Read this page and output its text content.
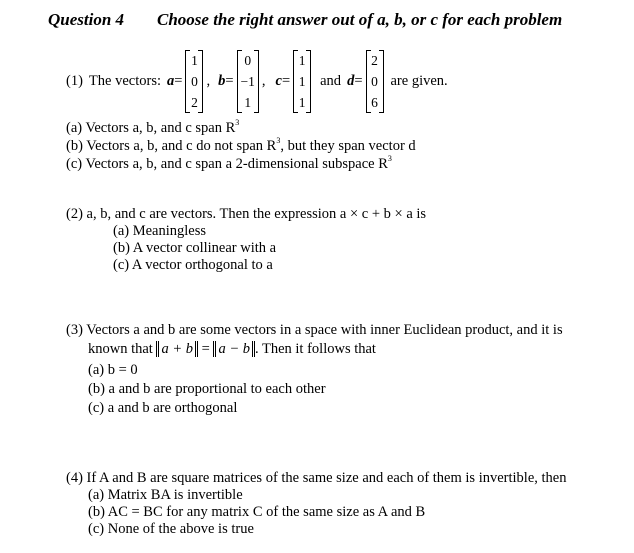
Question 4 Choose the right answer out of a, b, or c for each problem
(1) The vectors: a =
1
0
2
, b =
0
−1
1
, c =
1
1
1
and d =
2
0
6
are given.
(a) Vectors a, b, and c span $R^3$
(b) Vectors a, b, and c do not span $R^3$, but they span vector d
(c) Vectors a, b, and c span a 2-dimensional subspace $R^3$
(2) a, b, and c are vectors. Then the expression a × c + b × a is
(a) Meaningless
(b) A vector collinear with a
(c) A vector orthogonal to a
(3) Vectors a and b are some vectors in a space with inner Euclidean product, and it is
known that a + b = a − b . Then it follows that
(a) b = 0
(b) a and b are proportional to each other
(c) a and b are orthogonal
(4) If A and B are square matrices of the same size and each of them is invertible, then
(a) Matrix BA is invertible
(b) AC = BC for any matrix C of the same size as A and B
(c) None of the above is true
